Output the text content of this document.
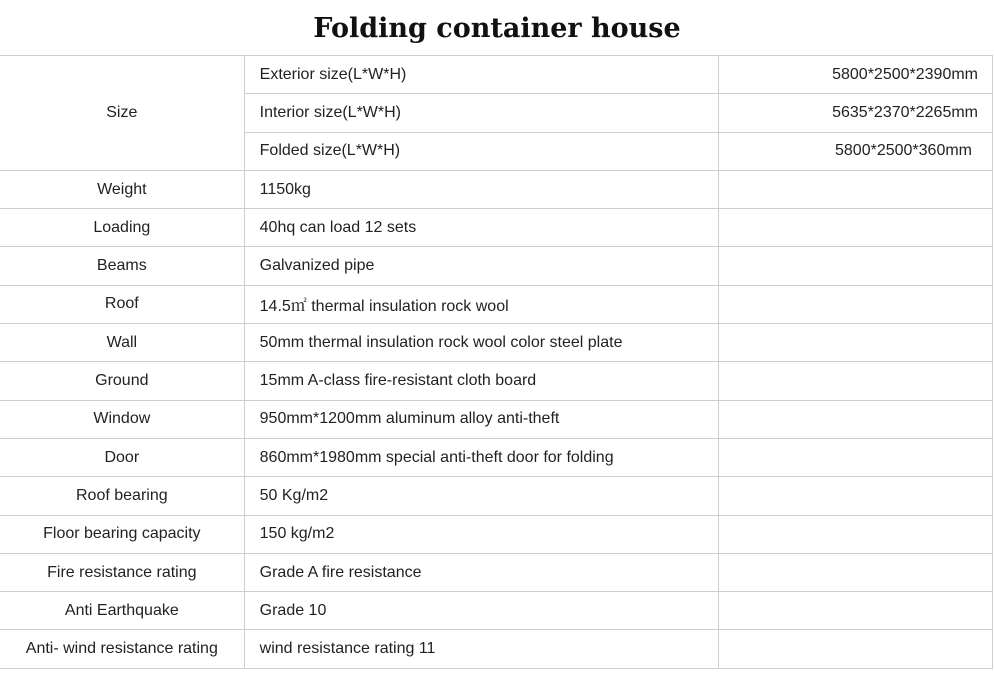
Folding container house
Size	Exterior size(L*W*H)	5800*2500*2390mm
	Interior size(L*W*H)	5635*2370*2265mm
	Folded size(L*W*H)	5800*2500*360mm
Weight	1150kg	
Loading	40hq can load 12 sets	
Beams	Galvanized pipe	
Roof	14.5㎡ thermal insulation rock wool	
Wall	50mm thermal insulation rock wool color steel plate	
Ground	15mm A-class fire-resistant cloth board	
Window	950mm*1200mm aluminum alloy anti-theft	
Door	860mm*1980mm special anti-theft door for folding	
Roof bearing	50 Kg/m2	
Floor bearing capacity	150 kg/m2	
Fire resistance rating	Grade A fire resistance	
Anti Earthquake	Grade 10	
Anti- wind resistance rating	wind resistance rating 11	
